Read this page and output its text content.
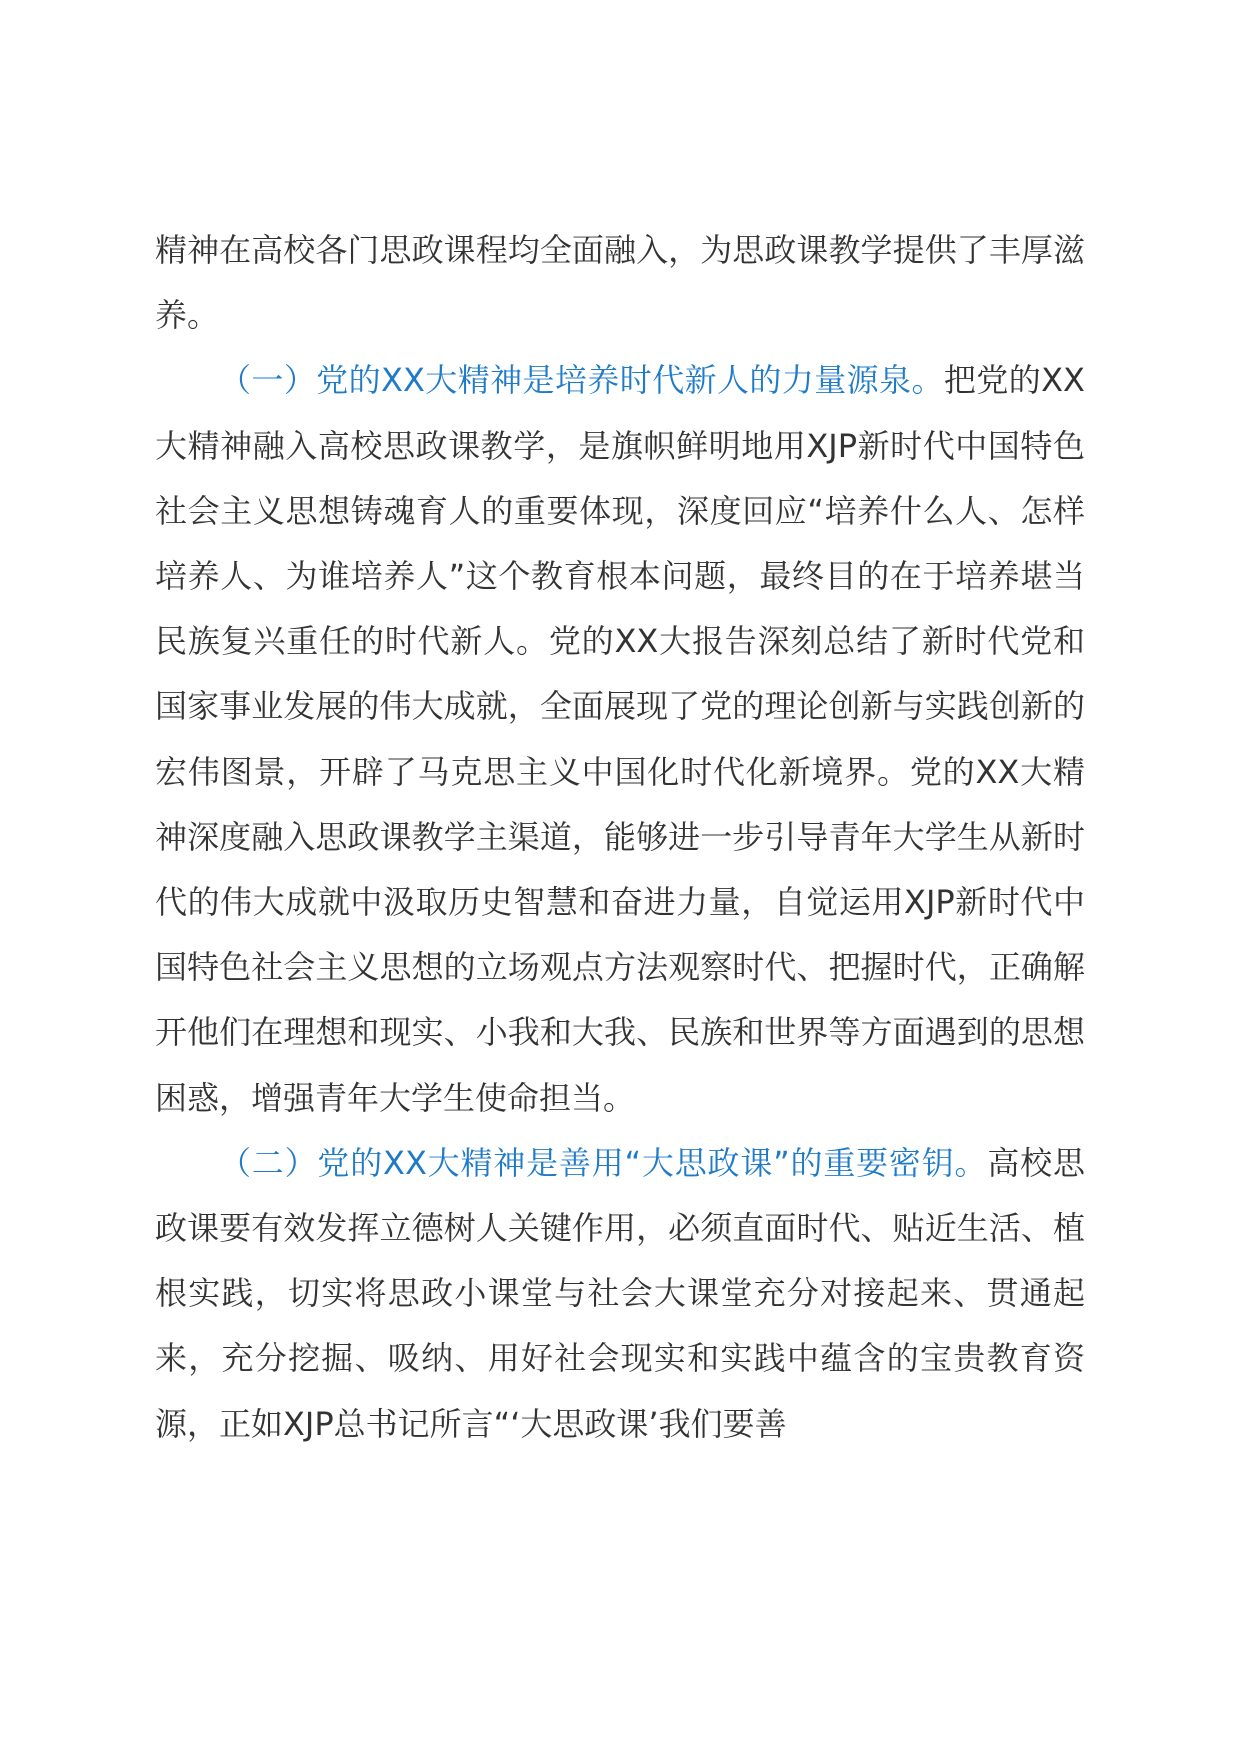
精神在高校各门思政课程均全面融入，为思政课教学提供了丰厚滋养。

（一）党的XX大精神是培养时代新人的力量源泉。把党的XX大精神融入高校思政课教学，是旗帜鲜明地用XJP新时代中国特色社会主义思想铸魂育人的重要体现，深度回应“培养什么人、怎样培养人、为谁培养人”这个教育根本问题，最终目的在于培养堪当民族复兴重任的时代新人。党的XX大报告深刻总结了新时代党和国家事业发展的伟大成就，全面展现了党的理论创新与实践创新的宏伟图景，开辟了马克思主义中国化时代化新境界。党的XX大精神深度融入思政课教学主渠道，能够进一步引导青年大学生从新时代的伟大成就中汲取历史智慧和奋进力量，自觉运用XJP新时代中国特色社会主义思想的立场观点方法观察时代、把握时代，正确解开他们在理想和现实、小我和大我、民族和世界等方面遇到的思想困惑，增强青年大学生使命担当。

（二）党的XX大精神是善用“大思政课”的重要密钥。高校思政课要有效发挥立德树人关键作用，必须直面时代、贴近生活、植根实践，切实将思政小课堂与社会大课堂充分对接起来、贯通起来，充分挖掘、吸纳、用好社会现实和实践中蕴含的宝贵教育资源，正如XJP总书记所言“‘大思政课’我们要善
